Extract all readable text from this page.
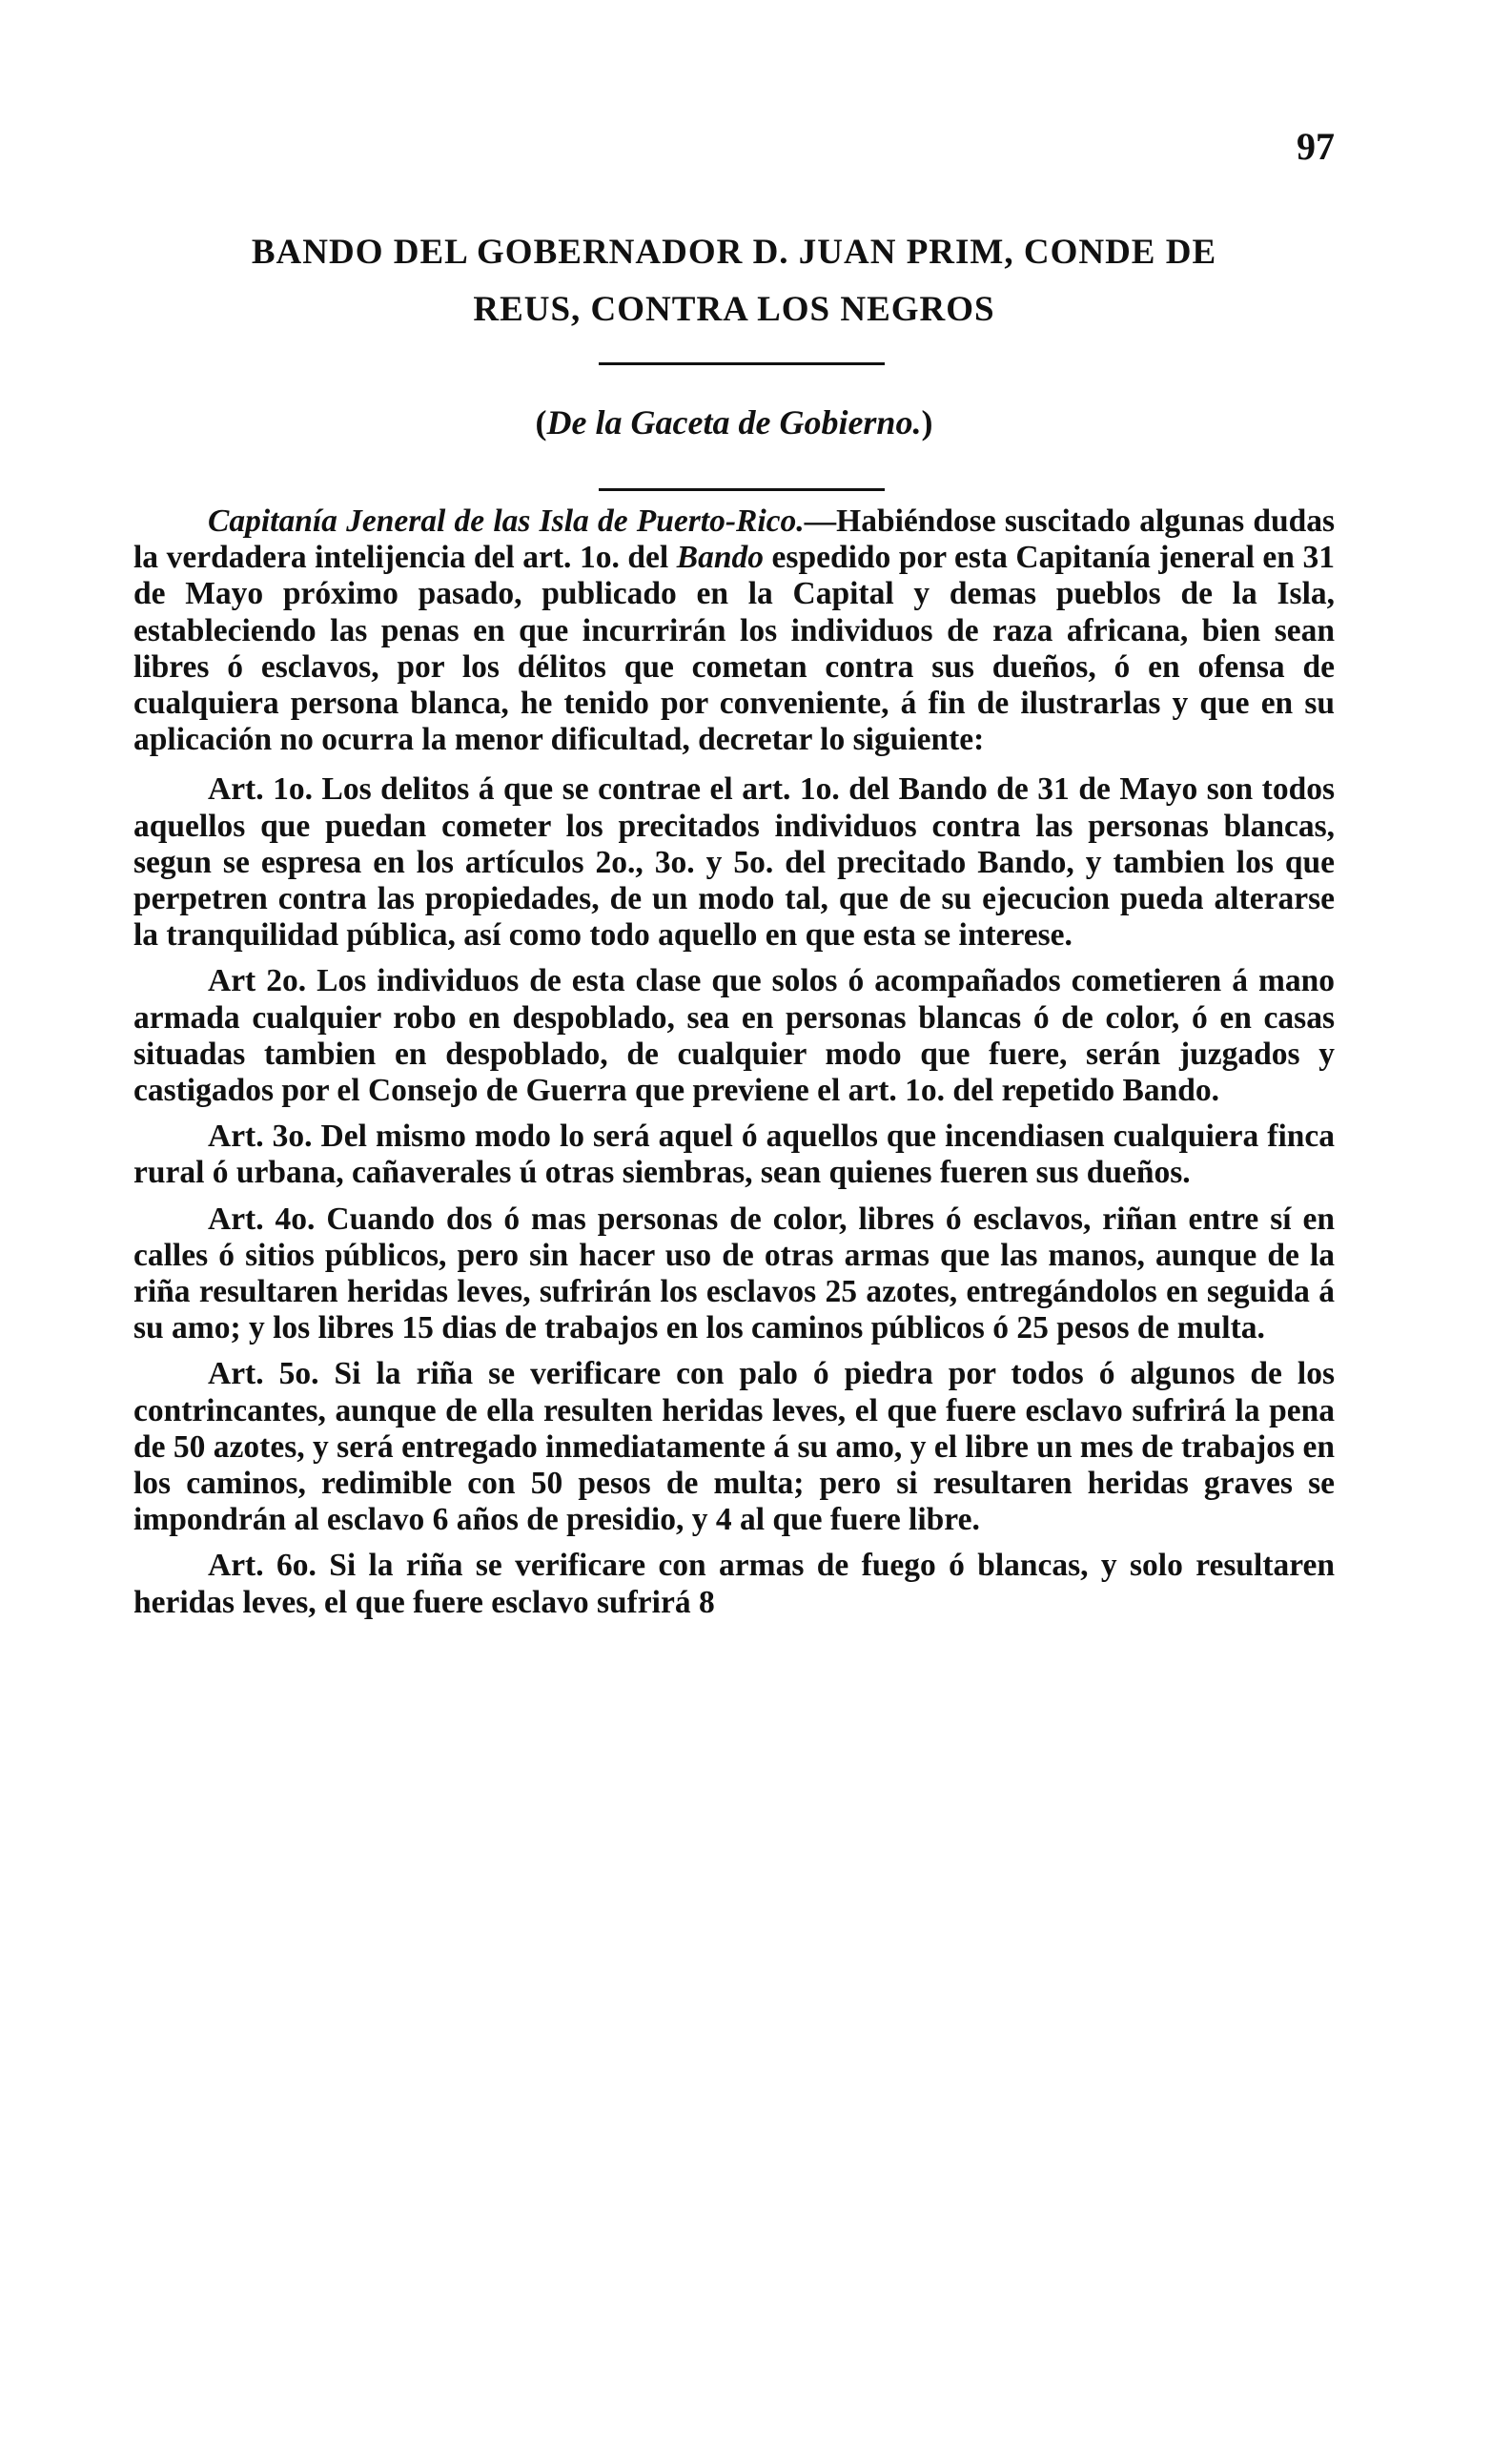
97
BANDO DEL GOBERNADOR D. JUAN PRIM, CONDE DE
REUS, CONTRA LOS NEGROS
(De la Gaceta de Gobierno.)

Capitanía Jeneral de las Isla de Puerto-Rico.—Habiéndose suscitado algunas dudas la verdadera intelijencia del art. 1o. del Bando espedido por esta Capitanía jeneral en 31 de Mayo próximo pasado, publicado en la Capital y demas pueblos de la Isla, estableciendo las penas en que incurrirán los individuos de raza africana, bien sean libres ó esclavos, por los délitos que cometan contra sus dueños, ó en ofensa de cualquiera persona blanca, he tenido por conveniente, á fin de ilustrarlas y que en su aplicación no ocurra la menor dificultad, decretar lo siguiente:

Art. 1o. Los delitos á que se contrae el art. 1o. del Bando de 31 de Mayo son todos aquellos que puedan cometer los precitados individuos contra las personas blancas, segun se espresa en los artículos 2o., 3o. y 5o. del precitado Bando, y tambien los que perpetren contra las propiedades, de un modo tal, que de su ejecucion pueda alterarse la tranquilidad pública, así como todo aquello en que esta se interese.

Art 2o. Los individuos de esta clase que solos ó acompañados cometieren á mano armada cualquier robo en despoblado, sea en personas blancas ó de color, ó en casas situadas tambien en despoblado, de cualquier modo que fuere, serán juzgados y castigados por el Consejo de Guerra que previene el art. 1o. del repetido Bando.

Art. 3o. Del mismo modo lo será aquel ó aquellos que incendiasen cualquiera finca rural ó urbana, cañaverales ú otras siembras, sean quienes fueren sus dueños.

Art. 4o. Cuando dos ó mas personas de color, libres ó esclavos, riñan entre sí en calles ó sitios públicos, pero sin hacer uso de otras armas que las manos, aunque de la riña resultaren heridas leves, sufrirán los esclavos 25 azotes, entregándolos en seguida á su amo; y los libres 15 dias de trabajos en los caminos públicos ó 25 pesos de multa.

Art. 5o. Si la riña se verificare con palo ó piedra por todos ó algunos de los contrincantes, aunque de ella resulten heridas leves, el que fuere esclavo sufrirá la pena de 50 azotes, y será entregado inmediatamente á su amo, y el libre un mes de trabajos en los caminos, redimible con 50 pesos de multa; pero si resultaren heridas graves se impondrán al esclavo 6 años de presidio, y 4 al que fuere libre.

Art. 6o. Si la riña se verificare con armas de fuego ó blancas, y solo resultaren heridas leves, el que fuere esclavo sufrirá 8
